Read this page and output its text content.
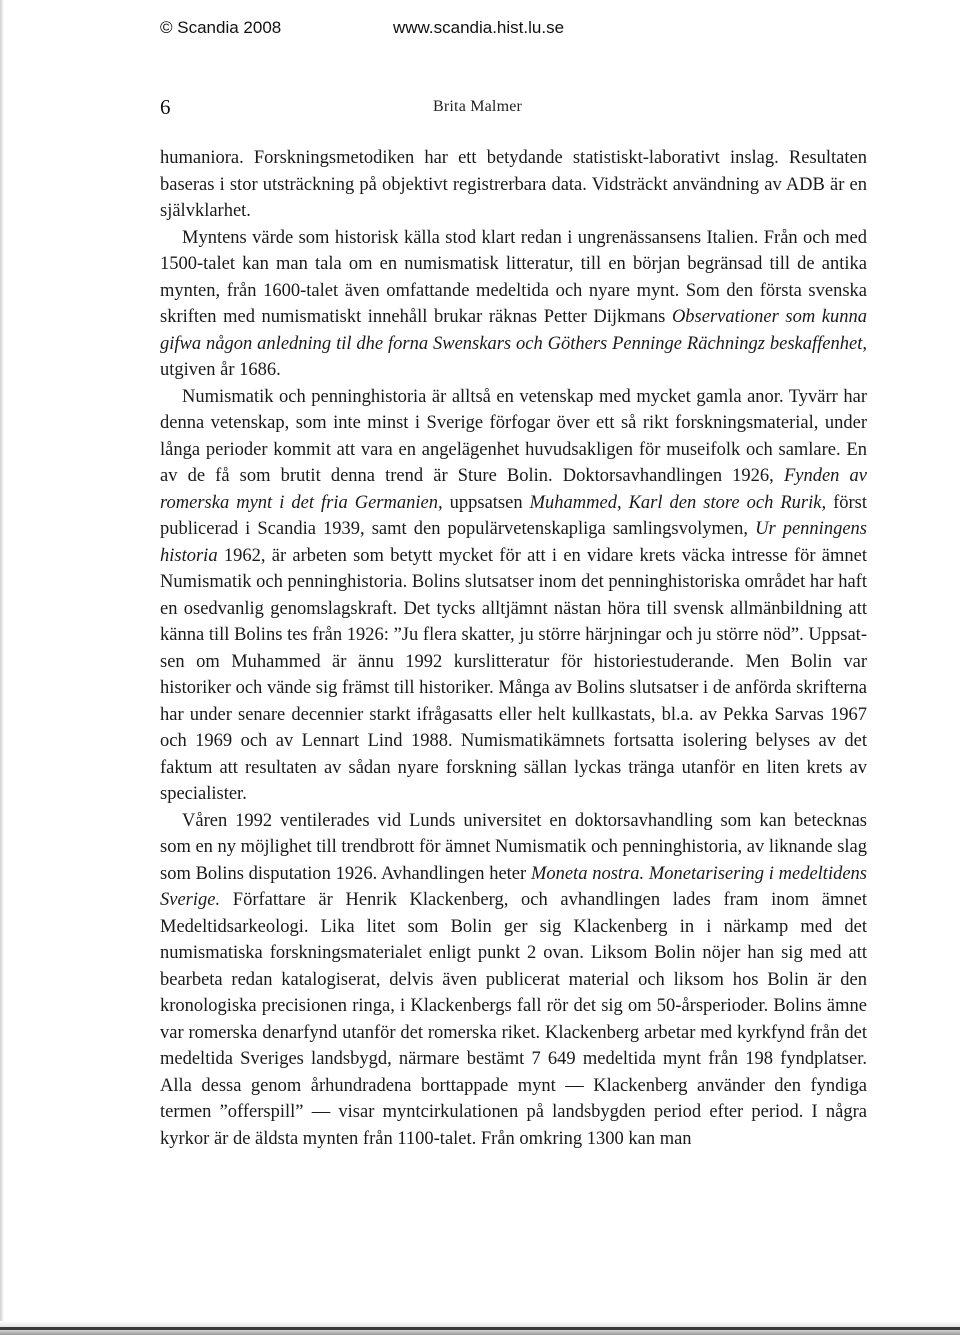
© Scandia 2008	www.scandia.hist.lu.se
6	Brita Malmer

humaniora. Forskningsmetodiken har ett betydande statistiskt-laborativt inslag. Resultaten baseras i stor utsträckning på objektivt registrerbara data. Vidsträckt användning av ADB är en självklarhet.

Myntens värde som historisk källa stod klart redan i ungrenässansens Italien. Från och med 1500-talet kan man tala om en numismatisk litteratur, till en början begränsad till de antika mynten, från 1600-talet även omfattande medeltida och nyare mynt. Som den första svenska skriften med numismatiskt innehåll brukar räknas Petter Dijkmans Observationer som kunna gifwa någon anledning til dhe forna Swenskars och Göthers Penninge Rächningz beskaffenhet, utgiven år 1686.

Numismatik och penninghistoria är alltså en vetenskap med mycket gamla anor. Tyvärr har denna vetenskap, som inte minst i Sverige förfogar över ett så rikt forskningsmaterial, under långa perioder kommit att vara en angelägenhet huvudsakligen för museifolk och samlare. En av de få som brutit denna trend är Sture Bolin. Doktorsavhandlingen 1926, Fynden av romerska mynt i det fria Germanien, uppsatsen Muhammed, Karl den store och Rurik, först publicerad i Scandia 1939, samt den populärvetenskapliga samlingsvolymen, Ur penningens historia 1962, är arbeten som betytt mycket för att i en vidare krets väcka intresse för ämnet Numismatik och penninghistoria. Bolins slutsatser inom det penninghistoriska området har haft en osedvanlig genomslagskraft. Det tycks alltjämnt nästan höra till svensk allmänbildning att känna till Bolins tes från 1926: ”Ju flera skatter, ju större härjningar och ju större nöd”. Uppsatsen om Muhammed är ännu 1992 kurslitteratur för historiestuderande. Men Bolin var historiker och vände sig främst till historiker. Många av Bolins slutsatser i de anförda skrifterna har under senare decennier starkt ifrågasatts eller helt kullkastats, bl.a. av Pekka Sarvas 1967 och 1969 och av Lennart Lind 1988. Numismatikämnets fortsatta isolering belyses av det faktum att resultaten av sådan nyare forskning sällan lyckas tränga utanför en liten krets av specialister.

Våren 1992 ventilerades vid Lunds universitet en doktorsavhandling som kan betecknas som en ny möjlighet till trendbrott för ämnet Numismatik och penninghistoria, av liknande slag som Bolins disputation 1926. Avhandlingen heter Moneta nostra. Monetarisering i medeltidens Sverige. Författare är Henrik Klackenberg, och avhandlingen lades fram inom ämnet Medeltidsarkeologi. Lika litet som Bolin ger sig Klackenberg in i närkamp med det numismatiska forskningsmaterialet enligt punkt 2 ovan. Liksom Bolin nöjer han sig med att bearbeta redan katalogiserat, delvis även publicerat material och liksom hos Bolin är den kronologiska precisionen ringa, i Klackenbergs fall rör det sig om 50-årsperioder. Bolins ämne var romerska denarfynd utanför det romerska riket. Klackenberg arbetar med kyrkfynd från det medeltida Sveriges landsbygd, närmare bestämt 7 649 medeltida mynt från 198 fyndplatser. Alla dessa genom århundradena borttappade mynt — Klackenberg använder den fyndiga termen ”offerspill” — visar myntcirkulationen på landsbygden period efter period. I några kyrkor är de äldsta mynten från 1100-talet. Från omkring 1300 kan man
